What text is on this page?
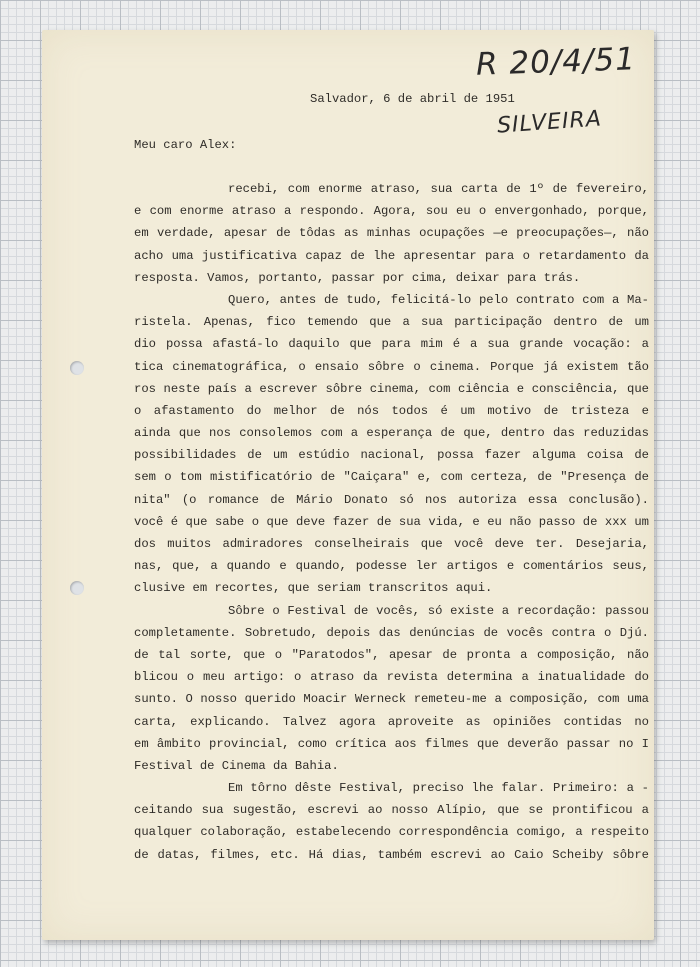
R 20/4/51
SILVEIRA
Salvador, 6 de abril de 1951
Meu caro Alex:
recebi, com enorme atraso, sua carta de 1º de fevereiro,
e com enorme atraso a respondo. Agora, sou eu o envergonhado, porque,
em verdade, apesar de tôdas as minhas ocupações —e preocupações—, não
acho uma justificativa capaz de lhe apresentar para o retardamento da
resposta. Vamos, portanto, passar por cima, deixar para trás.
Quero, antes de tudo, felicitá-lo pelo contrato com a Ma-
ristela. Apenas, fico temendo que a sua participação dentro de um
dio possa afastá-lo daquilo que para mim é a sua grande vocação: a
tica cinematográfica, o ensaio sôbre o cinema. Porque já existem tão
ros neste país a escrever sôbre cinema, com ciência e consciência, que
o afastamento do melhor de nós todos é um motivo de tristeza e
ainda que nos consolemos com a esperança de que, dentro das reduzidas
possibilidades de um estúdio nacional, possa fazer alguma coisa de
sem o tom mistificatório de "Caiçara" e, com certeza, de "Presença de
nita" (o romance de Mário Donato só nos autoriza essa conclusão).
você é que sabe o que deve fazer de sua vida, e eu não passo de xxx um
dos muitos admiradores conselheirais que você deve ter. Desejaria,
nas, que, a quando e quando, podesse ler artigos e comentários seus,
clusive em recortes, que seriam transcritos aqui.
Sôbre o Festival de vocês, só existe a recordação: passou
completamente. Sobretudo, depois das denúncias de vocês contra o Djú.
de tal sorte, que o "Paratodos", apesar de pronta a composição, não
blicou o meu artigo: o atraso da revista determina a inatualidade do
sunto. O nosso querido Moacir Werneck remeteu-me a composição, com uma
carta, explicando. Talvez agora aproveite as opiniões contidas no
em âmbito provincial, como crítica aos filmes que deverão passar no I
Festival de Cinema da Bahia.
Em tôrno dêste Festival, preciso lhe falar. Primeiro: a -
ceitando sua sugestão, escrevi ao nosso Alípio, que se prontificou a
qualquer colaboração, estabelecendo correspondência comigo, a respeito
de datas, filmes, etc. Há dias, também escrevi ao Caio Scheiby sôbre
